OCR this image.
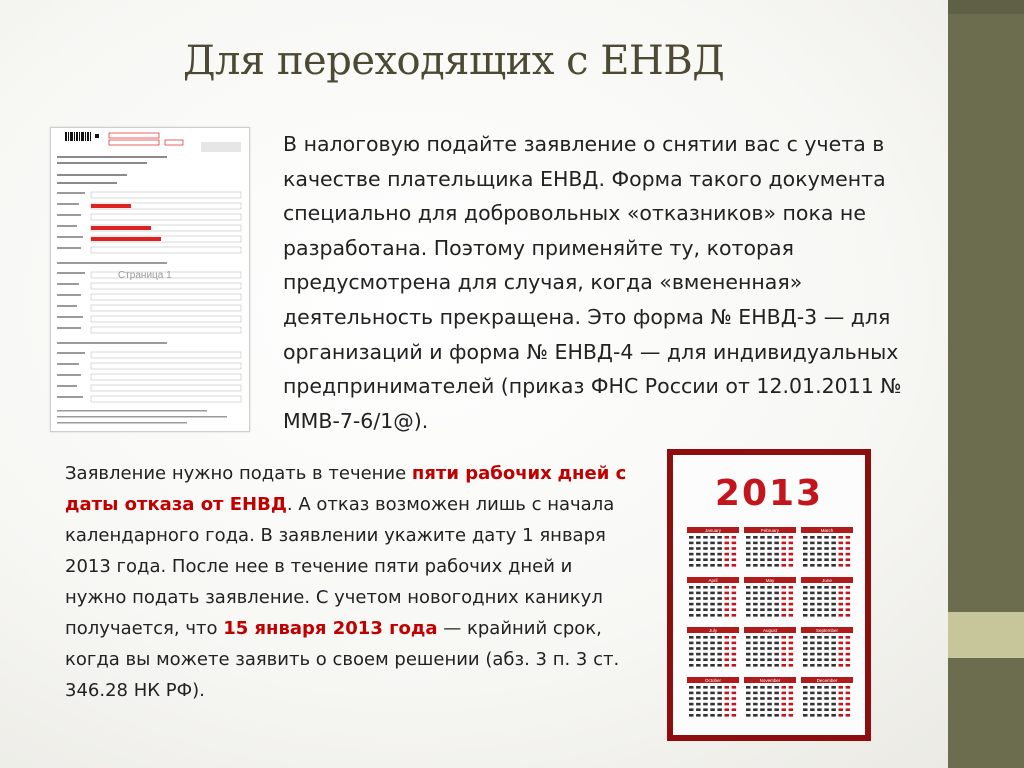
Для переходящих с ЕНВД
Страница 1

В налоговую подайте заявление о снятии вас с учета в качестве плательщика ЕНВД. Форма такого документа специально для добровольных «отказников» пока не разработана. Поэтому применяйте ту, которая предусмотрена для случая, когда «вмененная» деятельность прекращена. Это форма № ЕНВД-3 — для организаций и форма № ЕНВД-4 — для индивидуальных предпринимателей (приказ ФНС России от 12.01.2011 № ММВ-7-6/1@).

Заявление нужно подать в течение пяти рабочих дней с даты отказа от ЕНВД. А отказ возможен лишь с начала календарного года. В заявлении укажите дату 1 января 2013 года. После нее в течение пяти рабочих дней и нужно подать заявление. С учетом новогодних каникул получается, что 15 января 2013 года — крайний срок, когда вы можете заявить о своем решении (абз. 3 п. 3 ст. 346.28 НК РФ).

2013
January	February	March
April	May	June
July	August	September
October	November	December
